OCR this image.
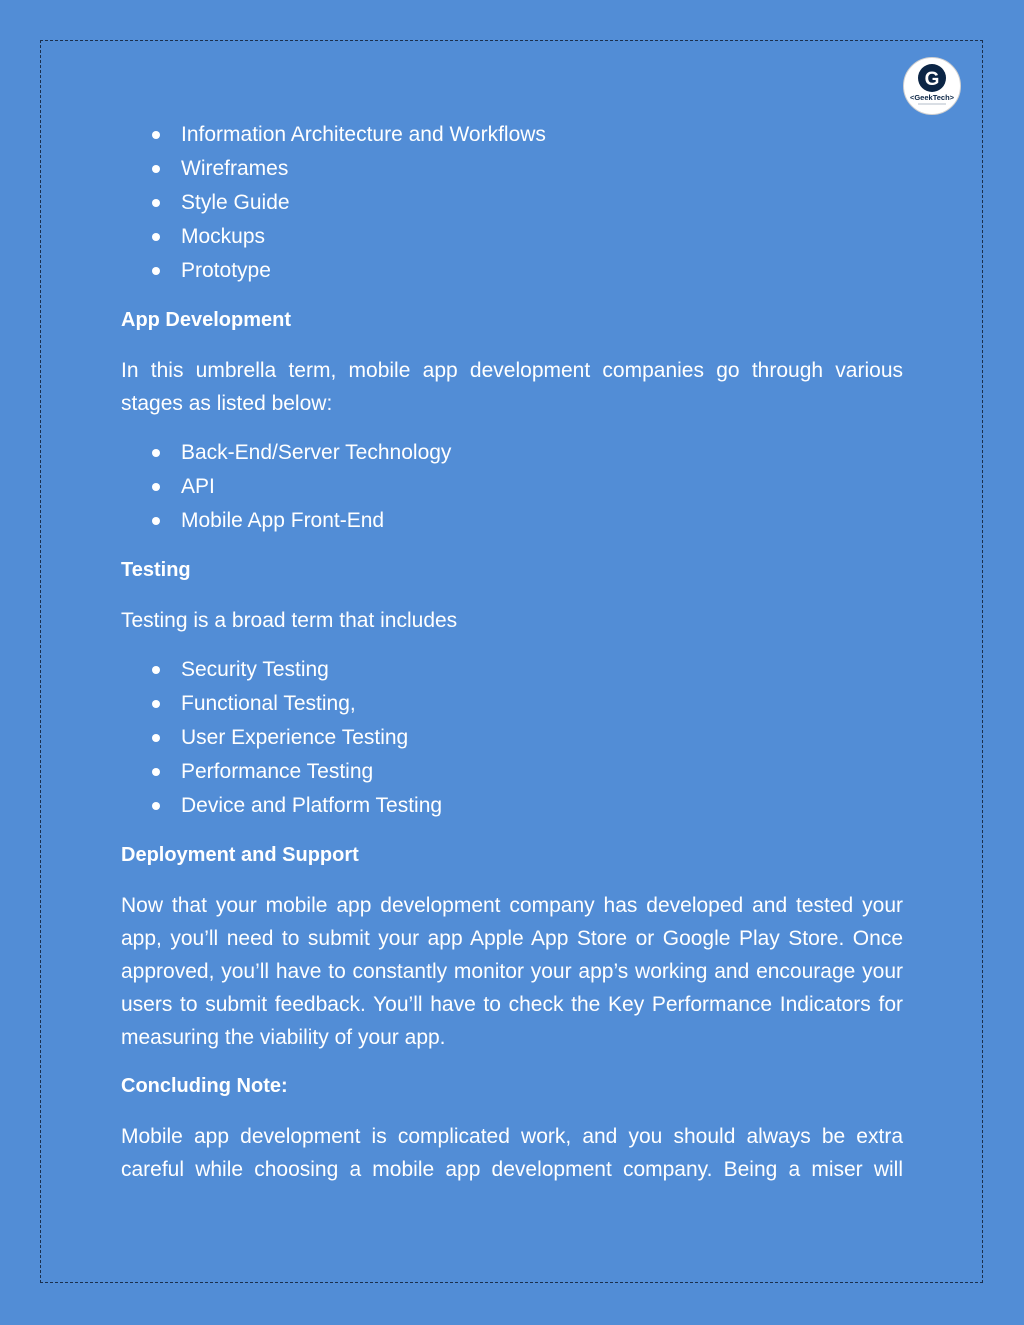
G
<GeekTech>
Information Architecture and Workflows
Wireframes
Style Guide
Mockups
Prototype
App Development

In this umbrella term, mobile app development companies go through various stages as listed below:

Back-End/Server Technology
API
Mobile App Front-End
Testing

Testing is a broad term that includes

Security Testing
Functional Testing,
User Experience Testing
Performance Testing
Device and Platform Testing
Deployment and Support

Now that your mobile app development company has developed and tested your app, you’ll need to submit your app Apple App Store or Google Play Store. Once approved, you’ll have to constantly monitor your app’s working and encourage your users to submit feedback. You’ll have to check the Key Performance Indicators for measuring the viability of your app.

Concluding Note:

Mobile app development is complicated work, and you should always be extra careful while choosing a mobile app development company. Being a miser will
